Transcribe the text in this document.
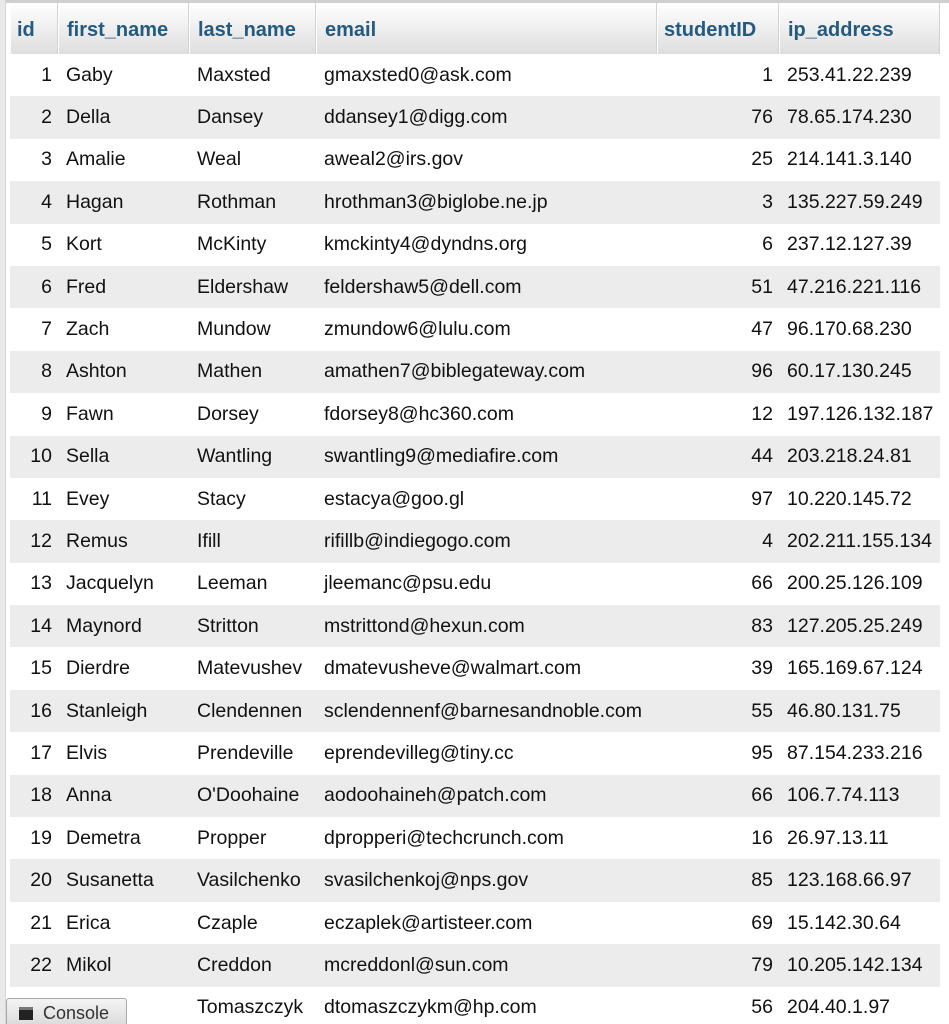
id	first_name	last_name	email	studentID	ip_address
1 Gaby	Maxsted	gmaxsted0@ask.com	1 253.41.22.239
2 Della	Dansey	ddansey1@digg.com	76 78.65.174.230
3 Amalie	Weal	aweal2@irs.gov	25 214.141.3.140
4 Hagan	Rothman	hrothman3@biglobe.ne.jp	3 135.227.59.249
5 Kort	McKinty	kmckinty4@dyndns.org	6 237.12.127.39
6 Fred	Eldershaw	feldershaw5@dell.com	51 47.216.221.116
7 Zach	Mundow	zmundow6@lulu.com	47 96.170.68.230
8 Ashton	Mathen	amathen7@biblegateway.com	96 60.17.130.245
9 Fawn	Dorsey	fdorsey8@hc360.com	12 197.126.132.187
10 Sella	Wantling	swantling9@mediafire.com	44 203.218.24.81
11 Evey	Stacy	estacya@goo.gl	97 10.220.145.72
12 Remus	Ifill	rifillb@indiegogo.com	4 202.211.155.134
13 Jacquelyn	Leeman	jleemanc@psu.edu	66 200.25.126.109
14 Maynord	Stritton	mstrittond@hexun.com	83 127.205.25.249
15 Dierdre	Matevushev	dmatevusheve@walmart.com	39 165.169.67.124
16 Stanleigh	Clendennen	sclendennenf@barnesandnoble.com	55 46.80.131.75
17 Elvis	Prendeville	eprendevilleg@tiny.cc	95 87.154.233.216
18 Anna	O'Doohaine	aodoohaineh@patch.com	66 106.7.74.113
19 Demetra	Propper	dpropperi@techcrunch.com	16 26.97.13.11
20 Susanetta	Vasilchenko	svasilchenkoj@nps.gov	85 123.168.66.97
21 Erica	Czaple	eczaplek@artisteer.com	69 15.142.30.64
22 Mikol	Creddon	mcreddonl@sun.com	79 10.205.142.134
Tomaszczyk	dtomaszczykm@hp.com	56 204.40.1.97
Console
